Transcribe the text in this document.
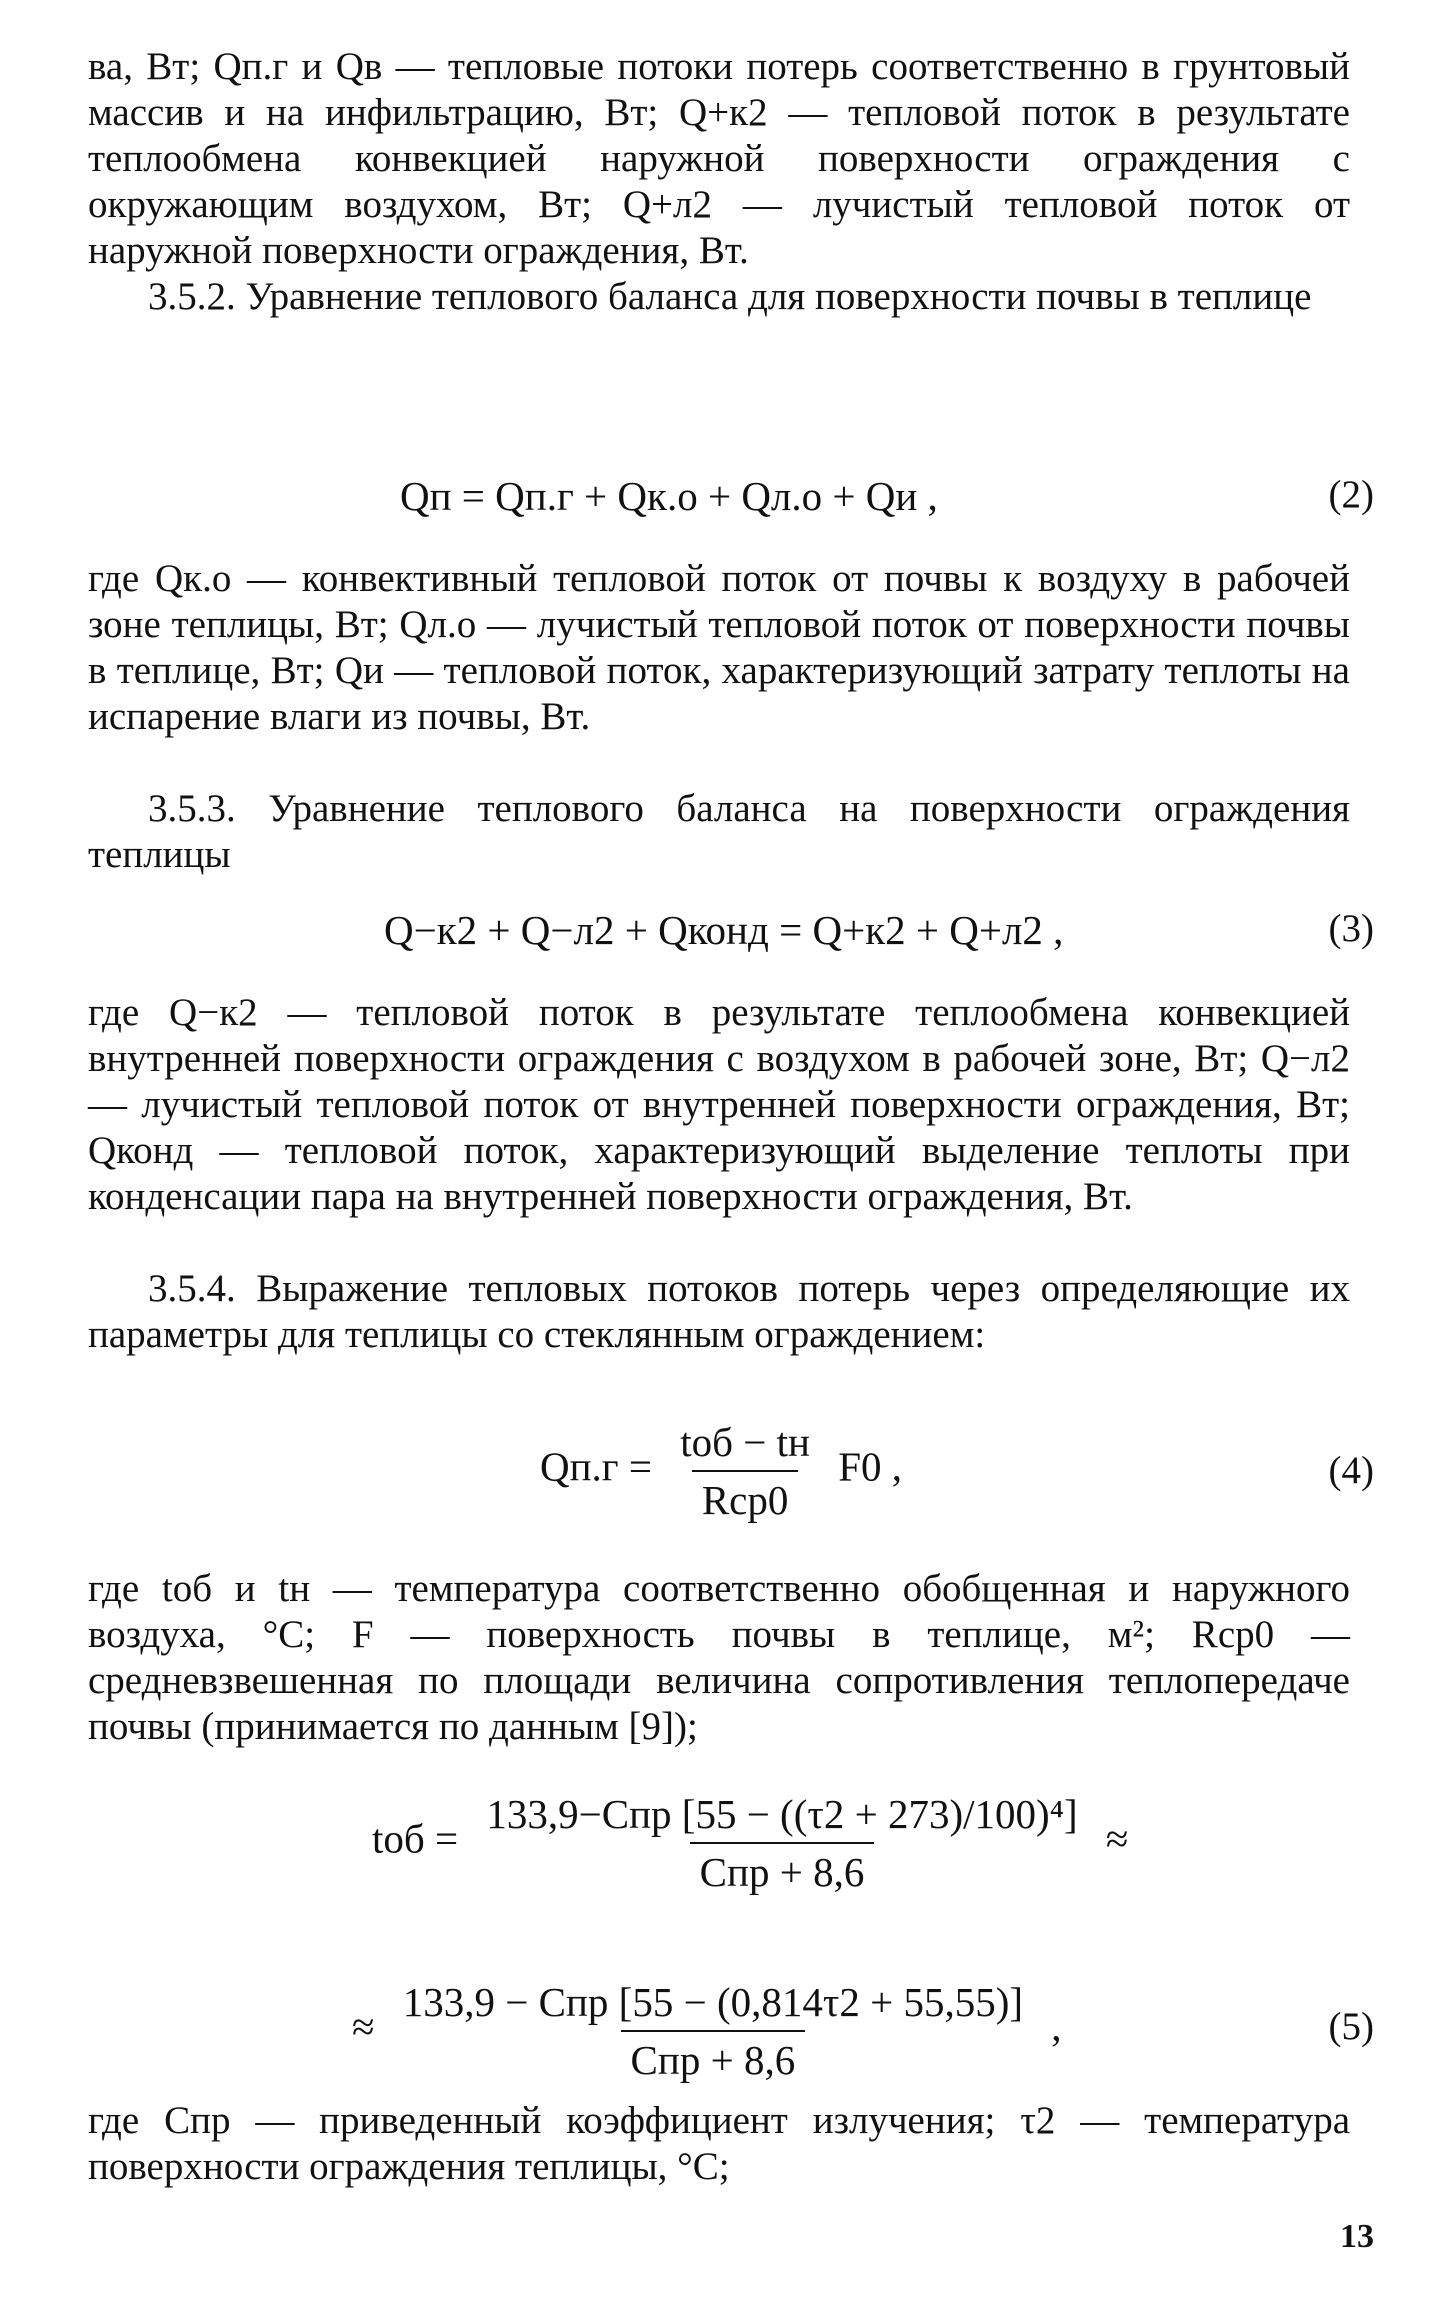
ва, Вт; Qп.г и Qв — тепловые потоки потерь соответственно в грунтовый массив и на инфильтрацию, Вт; Q+к2 — тепловой поток в результате теплообмена конвекцией наружной поверхности ограждения с окружающим воздухом, Вт; Q+л2 — лучистый тепловой поток от наружной поверхности ограждения, Вт.

3.5.2. Уравнение теплового баланса для поверхности почвы в теплице

Qп = Qп.г + Qк.о + Qл.о + Qи ,	(2)

где Qк.о — конвективный тепловой поток от почвы к воздуху в рабочей зоне теплицы, Вт; Qл.о — лучистый тепловой поток от поверхности почвы в теплице, Вт; Qи — тепловой поток, характеризующий затрату теплоты на испарение влаги из почвы, Вт.

3.5.3. Уравнение теплового баланса на поверхности ограждения теплицы

Q−к2 + Q−л2 + Qконд = Q+к2 + Q+л2 ,	(3)

где Q−к2 — тепловой поток в результате теплообмена конвекцией внутренней поверхности ограждения с воздухом в рабочей зоне, Вт; Q−л2 — лучистый тепловой поток от внутренней поверхности ограждения, Вт; Qконд — тепловой поток, характеризующий выделение теплоты при конденсации пара на внутренней поверхности ограждения, Вт.

3.5.4. Выражение тепловых потоков потерь через определяющие их параметры для теплицы со стеклянным ограждением:

$Qп.г = \frac{\text{tоб − tн}}{\text{Rср0}} F0$ ,	(4)

где tоб и tн — температура соответственно обобщенная и наружного воздуха, °С; F — поверхность почвы в теплице, м²; Rср0 — средневзвешенная по площади величина сопротивления теплопередаче почвы (принимается по данным [9]);

tоб = $\frac{\text{133,9−Спр [55 − ((τ2 + 273)/100)⁴]}}{\text{Спр + 8,6}}$ ≈
≈ $\frac{\text{133,9 − Спр [55 − (0,814τ2 + 55,55)]}}{\text{Спр + 8,6}}$ ,	(5)

где Спр — приведенный коэффициент излучения; τ2 — температура поверхности ограждения теплицы, °С;

13
